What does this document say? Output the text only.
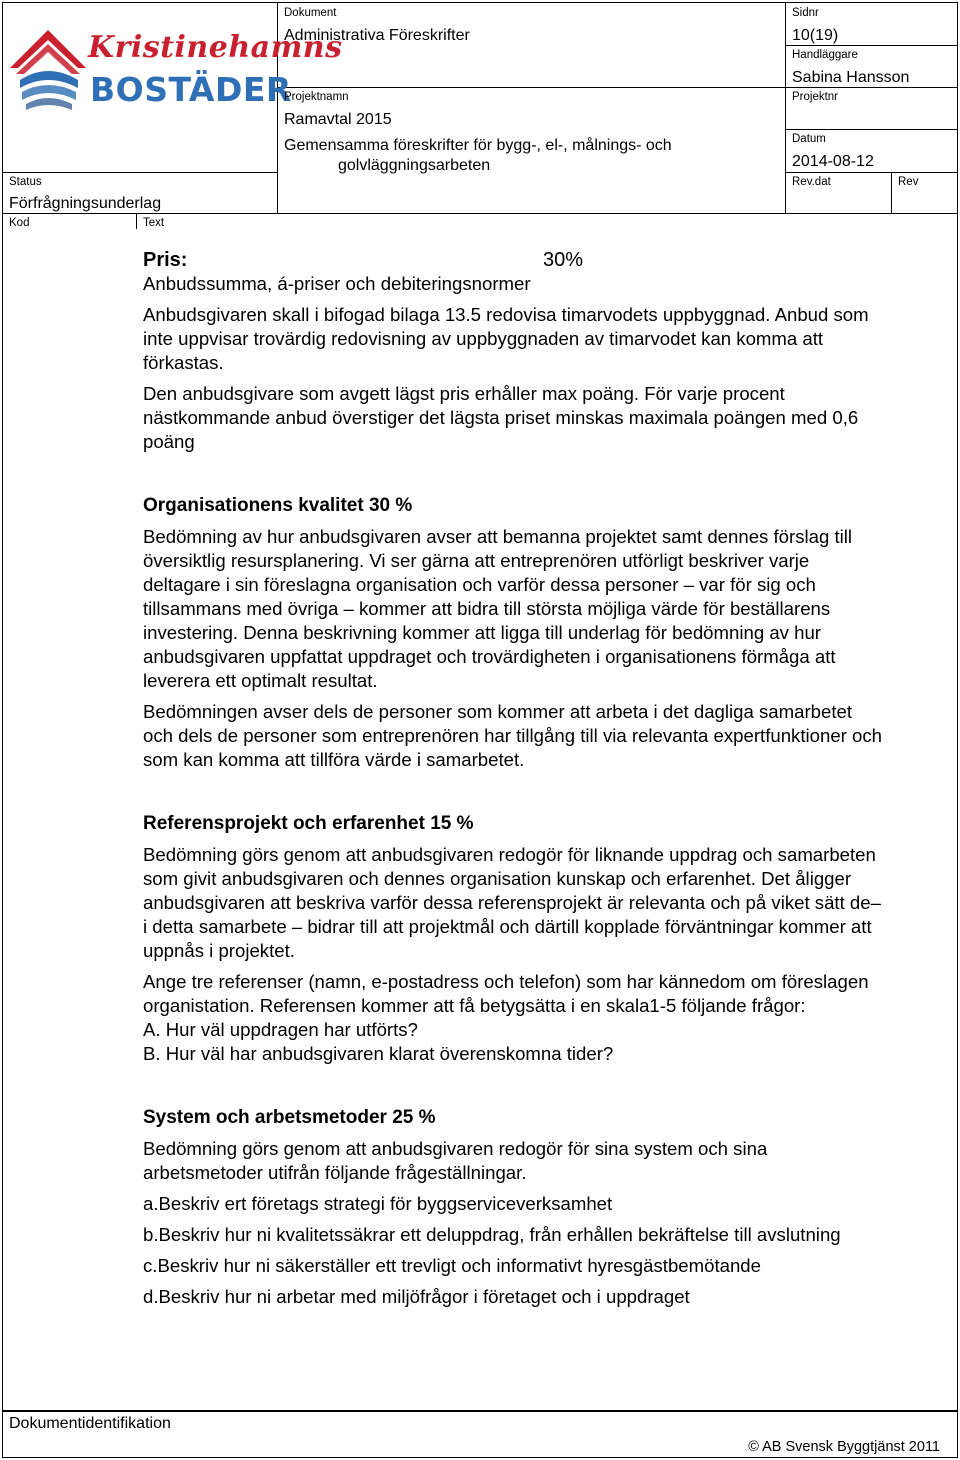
Kristinehamns
BOSTÄDER
Dokument
Administrativa Föreskrifter
Projektnamn
Ramavtal 2015
Gemensamma föreskrifter för bygg-, el-, målnings- och
golvläggningsarbeten
Status
Förfrågningsunderlag
Sidnr
10(19)
Handläggare
Sabina Hansson
Projektnr
Datum
2014-08-12
Rev.dat	Rev
Kod	Text
Pris:	30%

Anbudssumma, á-priser och debiteringsnormer

Anbudsgivaren skall i bifogad bilaga 13.5 redovisa timarvodets uppbyggnad. Anbud som inte uppvisar trovärdig redovisning av uppbyggnaden av timarvodet kan komma att förkastas.

Den anbudsgivare som avgett lägst pris erhåller max poäng. För varje procent nästkommande anbud överstiger det lägsta priset minskas maximala poängen med 0,6 poäng

Organisationens kvalitet 30 %

Bedömning av hur anbudsgivaren avser att bemanna projektet samt dennes förslag till översiktlig resursplanering. Vi ser gärna att entreprenören utförligt beskriver varje deltagare i sin föreslagna organisation och varför dessa personer – var för sig och tillsammans med övriga – kommer att bidra till största möjliga värde för beställarens investering. Denna beskrivning kommer att ligga till underlag för bedömning av hur anbudsgivaren uppfattat uppdraget och trovärdigheten i organisationens förmåga att leverera ett optimalt resultat.

Bedömningen avser dels de personer som kommer att arbeta i det dagliga samarbetet och dels de personer som entreprenören har tillgång till via relevanta expertfunktioner och som kan komma att tillföra värde i samarbetet.

Referensprojekt och erfarenhet 15 %

Bedömning görs genom att anbudsgivaren redogör för liknande uppdrag och samarbeten som givit anbudsgivaren och dennes organisation kunskap och erfarenhet. Det åligger anbudsgivaren att beskriva varför dessa referensprojekt är relevanta och på viket sätt de– i detta samarbete – bidrar till att projektmål och därtill kopplade förväntningar kommer att uppnås i projektet.

Ange tre referenser (namn, e-postadress och telefon) som har kännedom om föreslagen organistation. Referensen kommer att få betygsätta i en skala1-5 följande frågor:

A. Hur väl uppdragen har utförts?

B. Hur väl har anbudsgivaren klarat överenskomna tider?

System och arbetsmetoder 25 %

Bedömning görs genom att anbudsgivaren redogör för sina system och sina arbetsmetoder utifrån följande frågeställningar.

a.Beskriv ert företags strategi för byggserviceverksamhet

b.Beskriv hur ni kvalitetssäkrar ett deluppdrag, från erhållen bekräftelse till avslutning

c.Beskriv hur ni säkerställer ett trevligt och informativt hyresgästbemötande

d.Beskriv hur ni arbetar med miljöfrågor i företaget och i uppdraget

Dokumentidentifikation
© AB Svensk Byggtjänst 2011
